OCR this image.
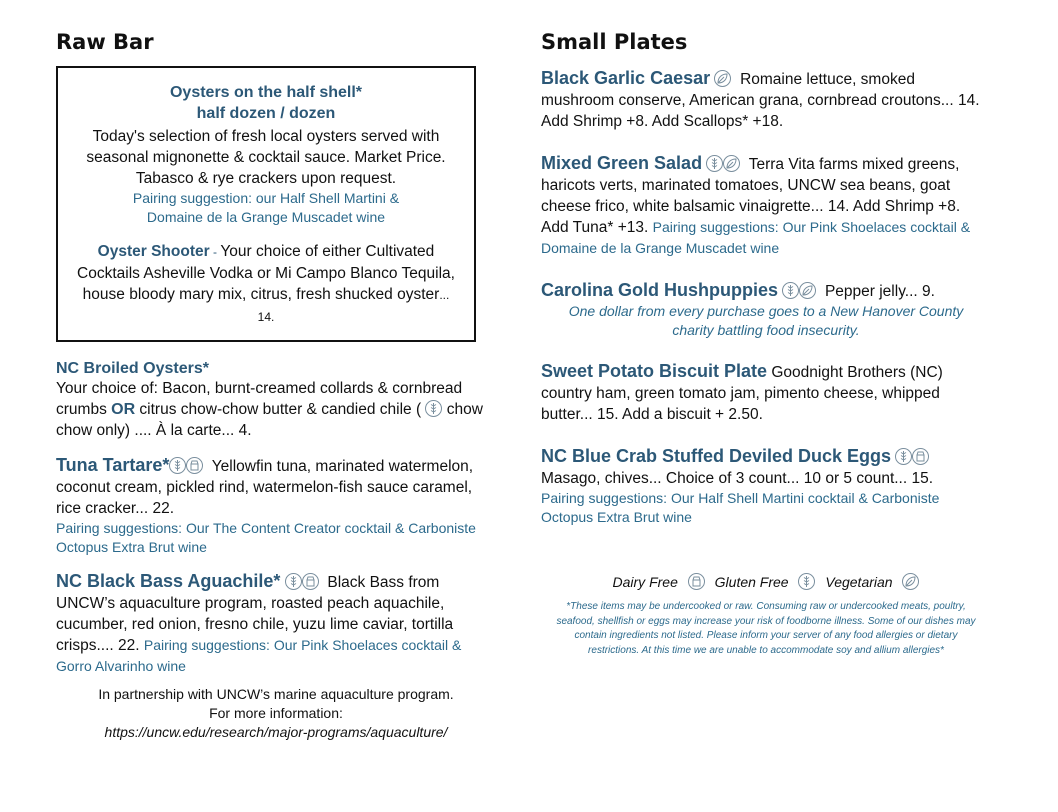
Raw Bar
Oysters on the half shell*
half dozen / dozen
Today's selection of fresh local oysters served with seasonal mignonette & cocktail sauce. Market Price. Tabasco & rye crackers upon request.
Pairing suggestion: our Half Shell Martini & Domaine de la Grange Muscadet wine
Oyster Shooter - Your choice of either Cultivated Cocktails Asheville Vodka or Mi Campo Blanco Tequila, house bloody mary mix, citrus, fresh shucked oyster... 14.
NC Broiled Oysters*
Your choice of: Bacon, burnt-creamed collards & cornbread crumbs OR citrus chow-chow butter & candied chile (
chow chow only) .... À la carte... 4.
Tuna Tartare*	Yellowfin tuna, marinated watermelon, coconut cream, pickled rind, watermelon-fish sauce caramel, rice cracker... 22.
Pairing suggestions: Our The Content Creator cocktail & Carboniste Octopus Extra Brut wine
NC Black Bass Aguachile*	Black Bass from UNCW’s aquaculture program, roasted peach aquachile, cucumber, red onion, fresno chile, yuzu lime caviar, tortilla crisps.... 22. Pairing suggestions: Our Pink Shoelaces cocktail & Gorro Alvarinho wine
In partnership with UNCW’s marine aquaculture program.
For more information:
https://uncw.edu/research/major-programs/aquaculture/
Small Plates
Black Garlic Caesar Romaine lettuce, smoked mushroom conserve, American grana, cornbread croutons... 14. Add Shrimp +8. Add Scallops* +18.
Mixed Green Salad	Terra Vita farms mixed greens, haricots verts, marinated tomatoes, UNCW sea beans, goat cheese frico, white balsamic vinaigrette... 14. Add Shrimp +8. Add Tuna* +13. Pairing suggestions: Our Pink Shoelaces cocktail & Domaine de la Grange Muscadet wine
Carolina Gold Hushpuppies	Pepper jelly... 9.
One dollar from every purchase goes to a New Hanover County charity battling food insecurity.
Sweet Potato Biscuit Plate Goodnight Brothers (NC) country ham, green tomato jam, pimento cheese, whipped butter... 15. Add a biscuit + 2.50.
NC Blue Crab Stuffed Deviled Duck Eggs
Masago, chives... Choice of 3 count... 10 or 5 count... 15.
Pairing suggestions: Our Half Shell Martini cocktail & Carboniste Octopus Extra Brut wine
Dairy Free	Gluten Free	Vegetarian
*These items may be undercooked or raw. Consuming raw or undercooked meats, poultry, seafood, shellfish or eggs may increase your risk of foodborne illness. Some of our dishes may contain ingredients not listed. Please inform your server of any food allergies or dietary restrictions. At this time we are unable to accommodate soy and allium allergies*
